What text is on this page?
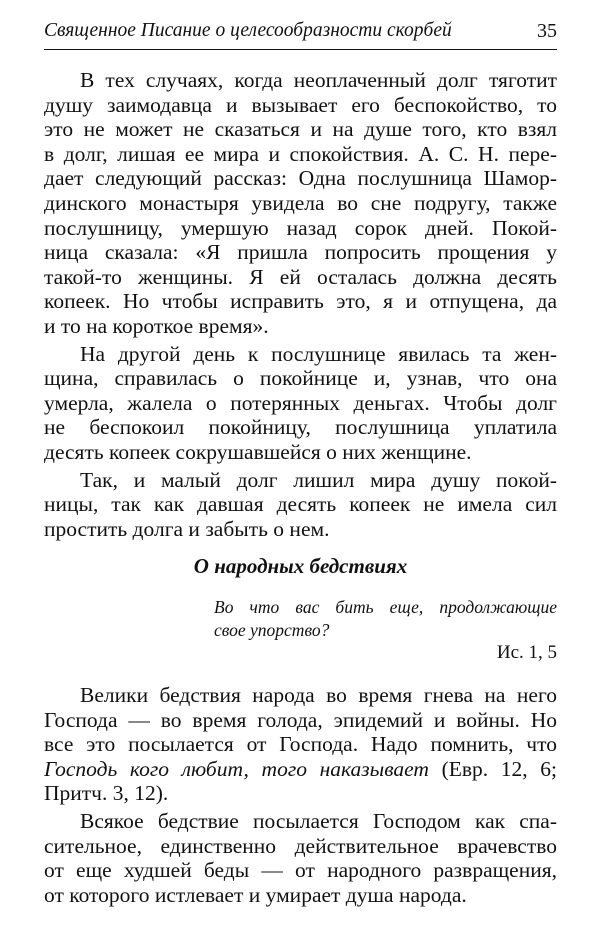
Священное Писание о целесообразности скорбей	35

В тех случаях, когда неоплаченный долг тяготит
душу заимодавца и вызывает его беспокойство, то
это не может не сказаться и на душе того, кто взял
в долг, лишая ее мира и спокойствия. А. С. Н. пере-
дает следующий рассказ: Одна послушница Шамор-
динского монастыря увидела во сне подругу, также
послушницу, умершую назад сорок дней. Покой-
ница сказала: «Я пришла попросить прощения у
такой-то женщины. Я ей осталась должна десять
копеек. Но чтобы исправить это, я и отпущена, да
и то на короткое время».

На другой день к послушнице явилась та жен-
щина, справилась о покойнице и, узнав, что она
умерла, жалела о потерянных деньгах. Чтобы долг
не беспокоил покойницу, послушница уплатила
десять копеек сокрушавшейся о них женщине.

Так, и малый долг лишил мира душу покой-
ницы, так как давшая десять копеек не имела сил
простить долга и забыть о нем.

О народных бедствиях
Во что вас бить еще, продолжающие
свое упорство?
Ис. 1, 5

Велики бедствия народа во время гнева на него
Господа — во время голода, эпидемий и войны. Но
все это посылается от Господа. Надо помнить, что
Господь кого любит, того наказывает (Евр. 12, 6;
Притч. 3, 12).

Всякое бедствие посылается Господом как спа-
сительное, единственно действительное врачевство
от еще худшей беды — от народного развращения,
от которого истлевает и умирает душа народа.
